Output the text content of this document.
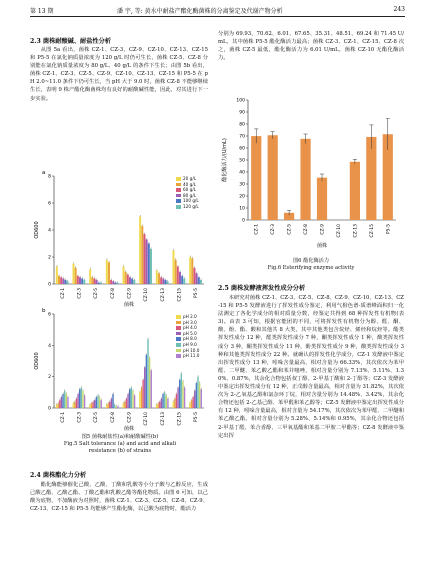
第 13 期	潘 宇, 等: 黄水中耐盐产酯化酶菌株的分离鉴定及代谢产物分析	243
2.3 菌株耐酸碱、耐盐性分析
从图 5a 看出，菌株 CZ-1、CZ-3、CZ-9、CZ-10、CZ-13、CZ-15 和 P5-5 在氯化钠质量浓度为 120 g/L 时仍可生长，菌株 CZ-5、CZ-8 分别能在氯化钠质量浓度为 80 g/L、40 g/L 的条件下生长；由图 5b 看出，菌株 CZ-1、CZ-3、CZ-5、CZ-9、CZ-10、CZ-13、CZ-15 和 P5-5 在 pH 2.0~11.0 条件下仍可生长，当 pH 大于 9.0 时，菌株 CZ-8 不能够继续生长，表明 9 株产酯化酶菌株均有良好的耐酸碱性能，因此，对其进行下一步实验。
0
2
4
6
8
OD600
a
CZ-1	CZ-3	CZ-5	CZ-8	CZ-9	CZ-10	CZ-13	CZ-15	P5-5
菌株
20 g/L
40 g/L
60 g/L
80 g/L
100 g/L
120 g/L
0
2
4
6
OD600
b
CZ-1	CZ-3	CZ-5	CZ-8	CZ-9	CZ-10	CZ-13	CZ-15	P5-5
菌株
pH 2.0
pH 3.0
pH 4.0
pH 5.0
pH 8.0
pH 9.0
pH 10.0
pH 11.0
图5 菌株耐盐性(a)和耐酸碱性(b)
Fig.5 Salt tolerance (a) and acid and alkali
resistance (b) of strains
2.4 菌株酯化力分析
酯化酶能够催化己酸、乙酸、丁酸和乳酸等小分子酸与乙醇反应，生成己酸乙酯、乙酸乙酯、丁酸乙酯和乳酸乙酯等酯化物质。由图 6 可知，以己酸为底物，不加酶液为对照时，菌株 CZ-1、CZ-3、CZ-5、CZ-8、CZ-9、CZ-13、CZ-15 和 P5-5 均能够产生酯化酶，以己酸为底物时，酯活力
分别为 69.93、70.62、6.01、67.65、35.31、48.51、69.24 和 71.45 U/mL，其中菌株 P5-5 酯化酶活力最高；菌株 CZ-3、CZ-1、CZ-15、CZ-8 次之，菌株 CZ-5 最低，酯化酶活力为 6.01 U/mL，菌株 CZ-10 无酯化酶活力。
0
10
20
30
40
50
60
70
80
90
100
酯化酶活力/(U/mL)
CZ-1	CZ-3	CZ-5	CZ-8	CZ-9	CZ-10	CZ-13	CZ-15	P5-5
菌株
图6 酯化酶活力
Fig.6 Esterifying enzyme activity
2.5 菌株发酵液挥发性成分分析
本研究对菌株 CZ-1、CZ-3、CZ-5、CZ-8、CZ-9、CZ-10、CZ-13、CZ-15 和 P5-5 发酵液进行了挥发性成分鉴定，利用气相色谱-质谱峰面积归一化法测定了各化学成分的相对质量分数，经鉴定共得到 68 种挥发性有机物(表 3)。由表 3 可知，根据官能团的不同，可将挥发性有机物分为醇、醛、酮、酸、酚、酯、酸和其他共 8 大类，其中其他类包含烷烃、烯烃和烷烃等。酯类挥发性成分 12 种，醛类挥发性成分 7 种，酮类挥发性成分 1 种，酸类挥发性成分 3 种，酮类挥发性成分 11 种，酚类挥发性成分 9 种，酸类挥发性成分 3 种和其他类挥发性成分 22 种。就确认的挥发性化学成分，CZ-1 发酵液中鉴定出挥发性成分 13 种，吲哚含量最高，相对含量为 66.33%，其次依次为苯甲醛、二甲醚、苯乙酸乙酯和苯并噻唑，相对含量分别为 7.13%、5.11%、1.30%、0.87%，其余化合物包括叔丁醇、2-甲基丁酸和 2-丁醇等；CZ-3 发酵液中鉴定出挥发性成分有 12 种，正戊醇含量最高，相对含量为 31.82%，其次依次为 2-乙氧基乙醇和氯杂环丁烷，相对含量分别为 14.48%、3.42%，其余化合物还包括 2-乙基己醇、苯甲醛和苯乙醇等；CZ-5 发酵液中鉴定出挥发性成分有 12 种，吲哚含量最高，相对含量为 54.17%，其次依次为苯甲醛、二甲醚和苯乙酸乙酯，相对含量分别为 5.28%、5.14%和 0.95%，其余化合物还包括 2-甲基丁醛、苯合香醇、三甲氧基酯和苯基二甲胺二甲酯等；CZ-8 发酵液中鉴定出挥
